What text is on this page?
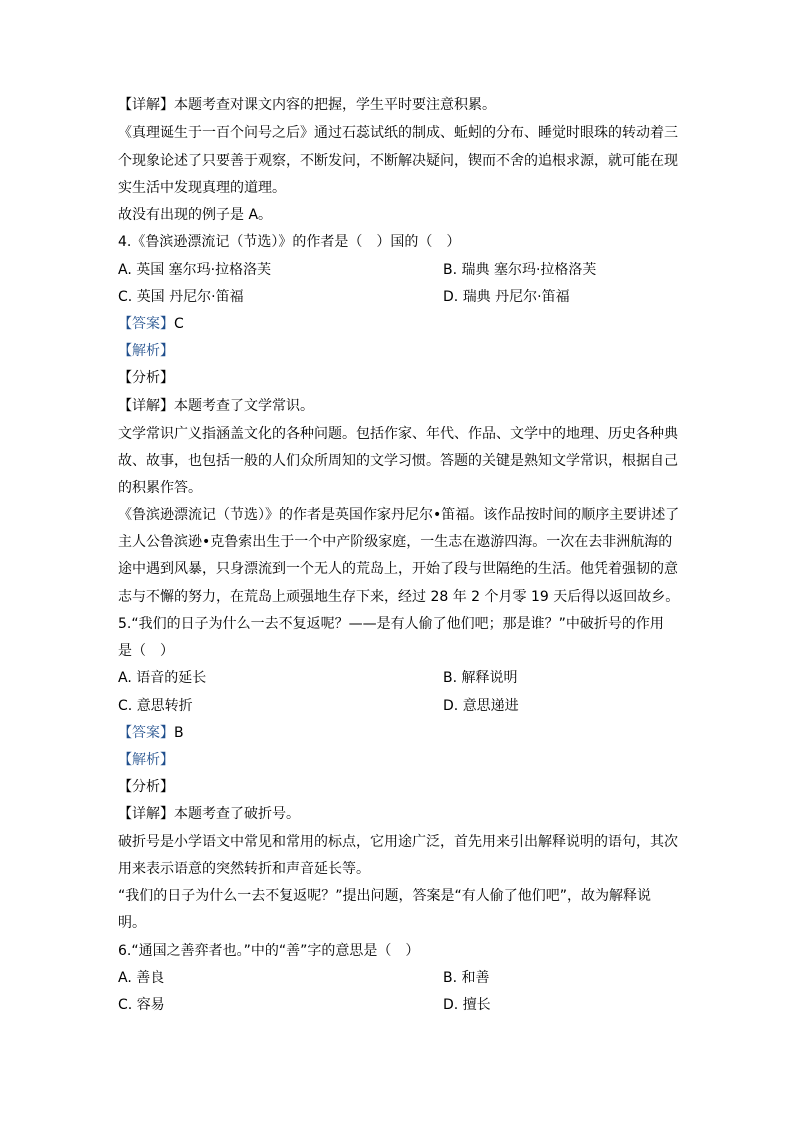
【详解】本题考查对课文内容的把握，学生平时要注意积累。
《真理诞生于一百个问号之后》通过石蕊试纸的制成、蚯蚓的分布、睡觉时眼珠的转动着三
个现象论述了只要善于观察，不断发问，不断解决疑问，锲而不舍的追根求源，就可能在现
实生活中发现真理的道理。
故没有出现的例子是 A。
4.《鲁滨逊漂流记（节选）》的作者是（　）国的（　）
A. 英国 塞尔玛·拉格洛芙	B. 瑞典 塞尔玛·拉格洛芙
C. 英国 丹尼尔·笛福	D. 瑞典 丹尼尔·笛福
【答案】C
【解析】
【分析】
【详解】本题考查了文学常识。
文学常识广义指涵盖文化的各种问题。包括作家、年代、作品、文学中的地理、历史各种典
故、故事，也包括一般的人们众所周知的文学习惯。答题的关键是熟知文学常识，根据自己
的积累作答。
《鲁滨逊漂流记（节选）》的作者是英国作家丹尼尔•笛福。该作品按时间的顺序主要讲述了
主人公鲁滨逊•克鲁索出生于一个中产阶级家庭，一生志在遨游四海。一次在去非洲航海的
途中遇到风暴，只身漂流到一个无人的荒岛上，开始了段与世隔绝的生活。他凭着强韧的意
志与不懈的努力，在荒岛上顽强地生存下来，经过 28 年 2 个月零 19 天后得以返回故乡。
5.“我们的日子为什么一去不复返呢？——是有人偷了他们吧；那是谁？”中破折号的作用
是（　）
A. 语音的延长	B. 解释说明
C. 意思转折	D. 意思递进
【答案】B
【解析】
【分析】
【详解】本题考查了破折号。
破折号是小学语文中常见和常用的标点，它用途广泛，首先用来引出解释说明的语句，其次
用来表示语意的突然转折和声音延长等。
“我们的日子为什么一去不复返呢？”提出问题，答案是“有人偷了他们吧”，故为解释说
明。
6.“通国之善弈者也。”中的“善”字的意思是（　）
A. 善良	B. 和善
C. 容易	D. 擅长
